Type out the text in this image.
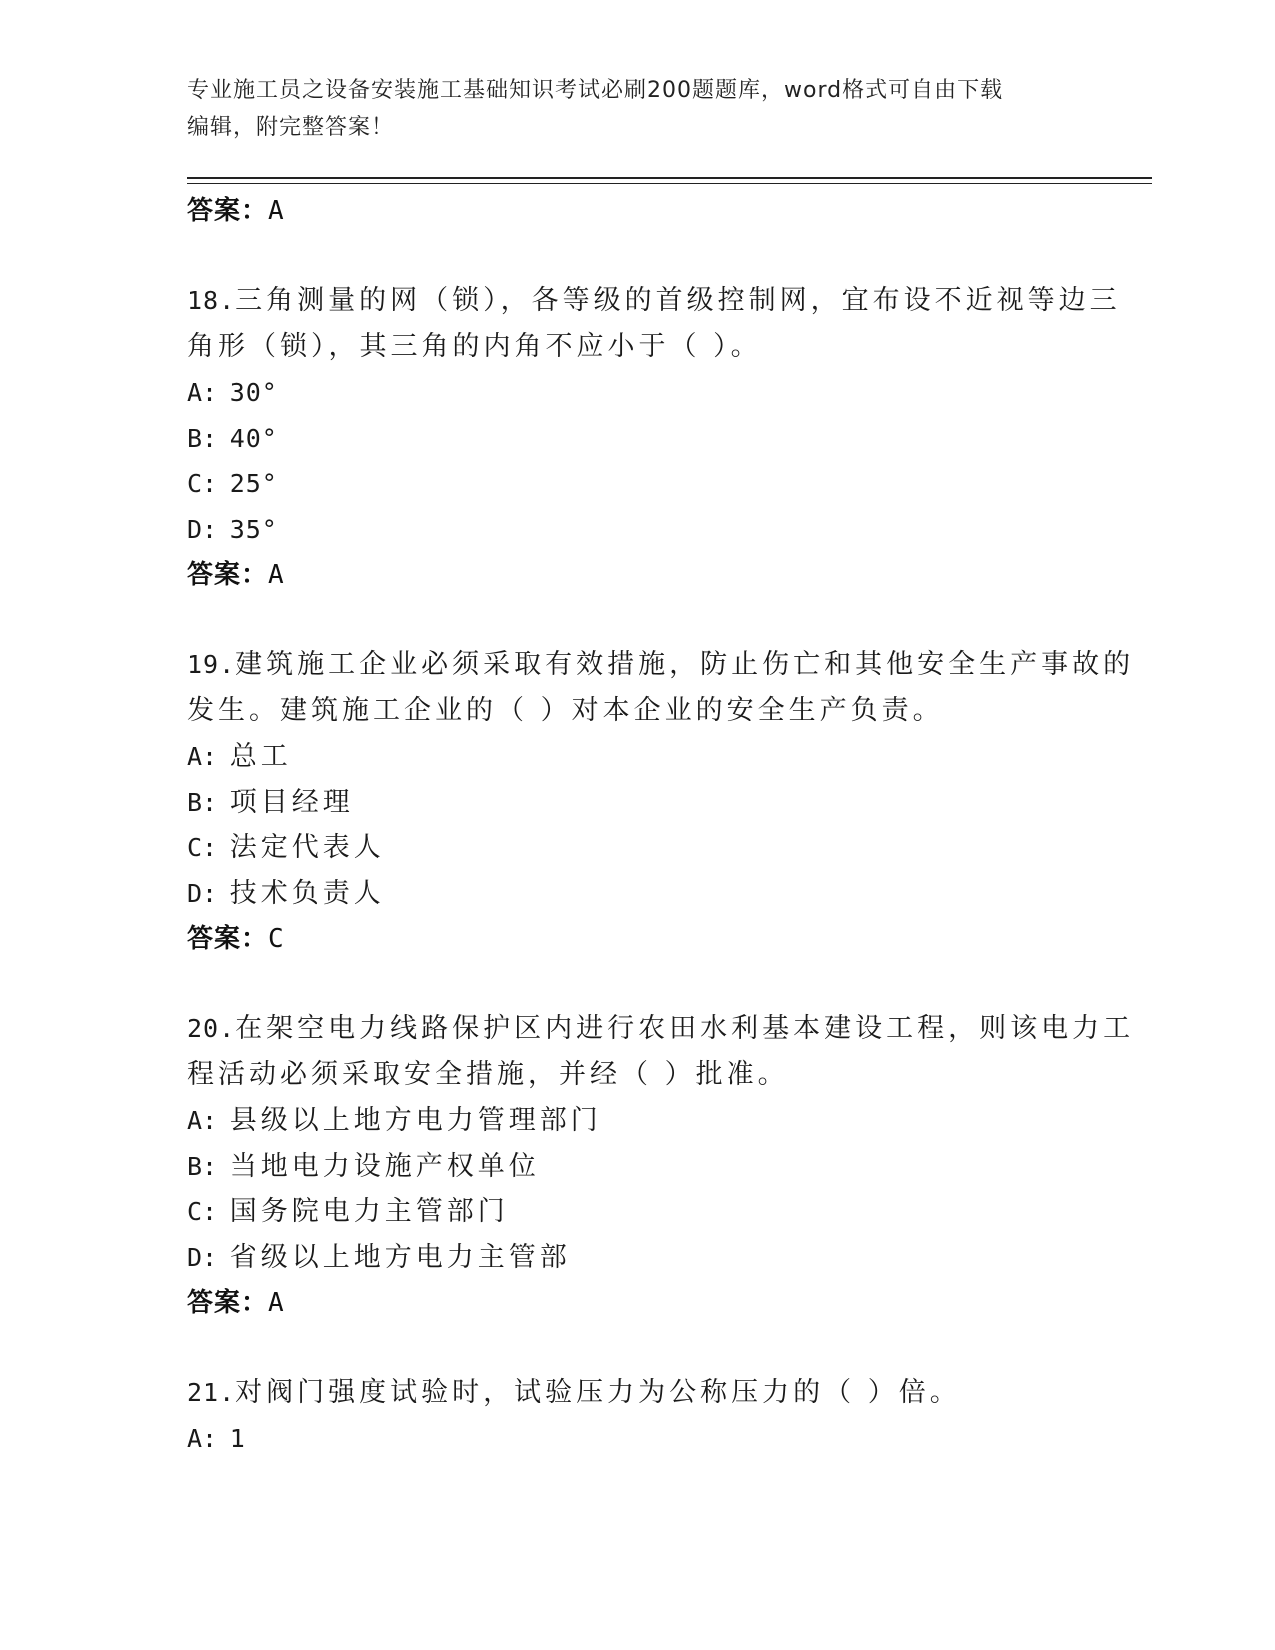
专业施工员之设备安装施工基础知识考试必刷200题题库，word格式可自由下载
编辑，附完整答案！
答案：A
18.三角测量的网（锁），各等级的首级控制网，宜布设不近视等边三角形（锁），其三角的内角不应小于（ ）。
A: 30°
B: 40°
C: 25°
D: 35°
答案：A
19.建筑施工企业必须采取有效措施，防止伤亡和其他安全生产事故的发生。建筑施工企业的（ ）对本企业的安全生产负责。
A: 总工
B: 项目经理
C: 法定代表人
D: 技术负责人
答案：C
20.在架空电力线路保护区内进行农田水利基本建设工程，则该电力工程活动必须采取安全措施，并经（ ）批准。
A: 县级以上地方电力管理部门
B: 当地电力设施产权单位
C: 国务院电力主管部门
D: 省级以上地方电力主管部
答案：A
21.对阀门强度试验时，试验压力为公称压力的（ ）倍。
A: 1
